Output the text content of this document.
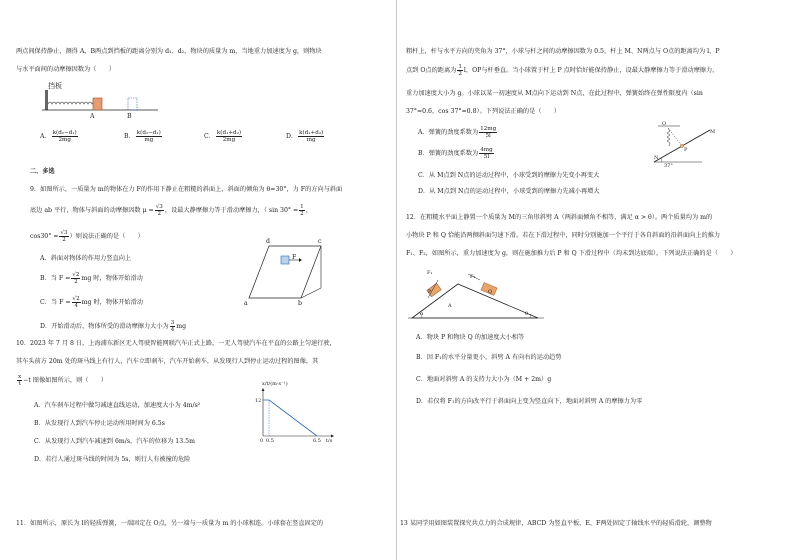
两点间保持静止，测得 A、B两点到挡板的距离分别为 d₁、d₂，物块的质量为 m，当地重力加速度为 g，则物块
与水平面间的动摩擦因数为（　　）
挡板
A	B
A． $\frac{\text{k(d₂−d₁)}}{2mg}$	B． $\frac{\text{k(d₂−d₁)}}{mg}$	C． $\frac{\text{k(d₁+d₂)}}{2mg}$	D． $\frac{\text{k(d₁+d₂)}}{mg}$
二、多选
9．如图所示，一质量为 m的物体在力 F的作用下静止在粗糙的斜面上，斜面的倾角为 θ=30°，力 F的方向与斜面
底边 ab 平行，物体与斜面的动摩擦因数 $\mu = \frac{√3}{2}$ ，设最大静摩擦力等于滑动摩擦力，（ $\sin 30^\circ = \frac{1}{2}$ ，
$\cos 30^\circ = \frac{√3}{2}$ ）则说法正确的是（　　）
A．斜面对物体的作用力竖直向上
B．当 $F = \frac{√2}{2}$ mg 时，物体开始滑动
C．当 $F = \frac{√2}{4}$ mg 时，物体开始滑动
D．开始滑动后，物体所受的滑动摩擦力大小为 $\frac{3}{4}$ mg
d	c
a	b
F
10．2023 年 7 月 8 日，上海浦东新区无人驾驶智能网联汽车正式上路，一无人驾驶汽车在平直的公路上匀速行驶，
其车头前方 20m 处的斑马线上有行人，汽车立即刹车，汽车开始刹车，从发现行人到停止运动过程的图像，其
$\frac{x}{t} -t$ 图像如图所示，则（　　）
A．汽车刹车过程中做匀减速直线运动，加速度大小为 4m/s²
B．从发现行人到汽车停止运动所用时间为 6.5s
C．从发现行人到汽车减速到 6m/s，汽车的位移为 13.5m
D．若行人通过斑马线的时间为 5s，则行人有被撞的危险
x/t/(m·s⁻¹)
12
0 0.5	6.5 t/s
11．如图所示，原长为 l的轻质弹簧，一端固定在 O点，另一端与一质量为 m 的小球相连。小球套在竖直固定的
粗杆上，杆与水平方向的夹角为 37°，小球与杆之间的动摩擦因数为 0.5，杆上 M、N两点与 O点的距离均为 l，P
点到 O点的距离为 $\frac{1}{2}$ l，OP与杆垂直。当小球置于杆上 P 点时恰好能保持静止，设最大静摩擦力等于滑动摩擦力，
重力加速度大小为 g。小球以某一初速度从 M点向下运动到 N点，在此过程中，弹簧始终在弹性限度内（sin
37°=0.6，cos 37°=0.8）。下列说法正确的是（　　）
A．弹簧的劲度系数为 $\frac{12mg}{5l}$
B．弹簧的劲度系数为 $\frac{4mg}{5l}$
C．从 M点到 N点的运动过程中，小球受到的摩擦力先变小再变大
D．从 M点到 N点的运动过程中，小球受到的摩擦力先减小再增大
O
M
N
P
37°
12．在粗糙水平面上静置一个质量为 M的三角形斜劈 A（两斜面倾角不相等，满足 α > θ）。两个质量均为 m的
小物块 P 和 Q 恰能沿两侧斜面匀速下滑。若在下滑过程中，同时分别施加一个平行于各自斜面的沿斜面向上的推力
F₁、F₂，如图所示，重力加速度为 g，则在施加推力后 P 和 Q 下滑过程中（均未到达底端），下列说法正确的是（　　）
F₁
F₂
P	Q
A
α	θ
A．物块 P 和物块 Q 的加速度大小相等
B．因 F₁的水平分量更小，斜劈 A 有向右的运动趋势
C．地面对斜劈 A 的支持力大小为（M + 2m）g
D．若仅将 F₁的方向改平行于斜面向上变为竖直向下，地面对斜劈 A 的摩擦力为零
13 某同学用如图装置探究共点力的合成规律，ABCD 为竖直平板，E、F两处固定了轴线水平的轻质滑轮，调整物
